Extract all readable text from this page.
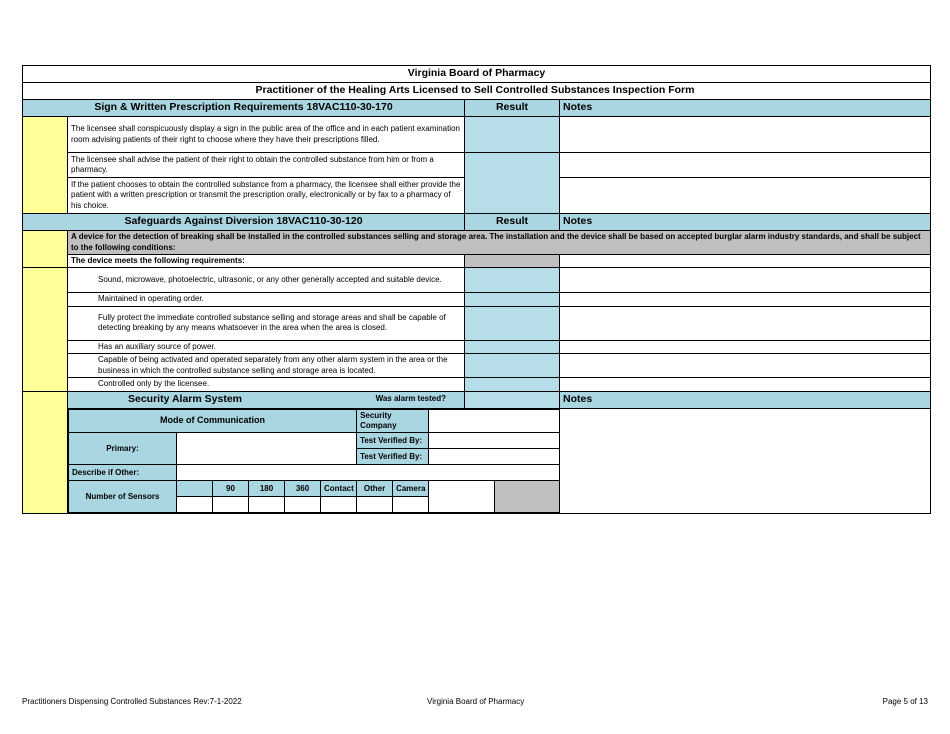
Virginia Board of Pharmacy
Practitioner of the Healing Arts Licensed to Sell Controlled Substances Inspection Form
Sign & Written Prescription Requirements 18VAC110-30-170	Result	Notes
	The licensee shall conspicuously display a sign in the public area of the office and in each patient examination room advising patients of their right to choose where they have their prescriptions filled.		
The licensee shall advise the patient of their right to obtain the controlled substance from him or from a pharmacy.		
If the patient chooses to obtain the controlled substance from a pharmacy, the licensee shall either provide the patient with a written prescription or transmit the prescription orally, electronically or by fax to a pharmacy of his choice.	
Safeguards Against Diversion 18VAC110-30-120	Result	Notes
	A device for the detection of breaking shall be installed in the controlled substances selling and storage area. The installation and the device shall be based on accepted burglar alarm industry standards, and shall be subject to the following conditions:
The device meets the following requirements:		
	Sound, microwave, photoelectric, ultrasonic, or any other generally accepted and suitable device.		
Maintained in operating order.		
Fully protect the immediate controlled substance selling and storage areas and shall be capable of detecting breaking by any means whatsoever in the area when the area is closed.		
Has an auxiliary source of power.		
Capable of being activated and operated separately from any other alarm system in the area or the business in which the controlled substance selling and storage area is located.		
Controlled only by the licensee.		

Security Alarm System	Was alarm tested?		Notes

Mode of Communication	Security Company	
Primary:		Test Verified By:	
Test Verified By:	
Describe if Other:	
Number of Sensors		90	180	360	Contact	Other	Camera		

Practitioners Dispensing Controlled Substances Rev:7-1-2022	Virginia Board of Pharmacy	Page 5 of 13
